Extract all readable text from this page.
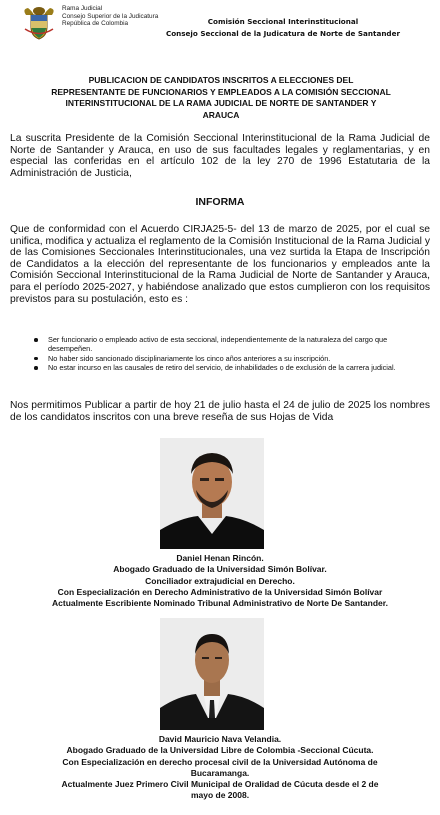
Rama Judicial
Consejo Superior de la Judicatura
República de Colombia	Comisión Seccional Interinstitucional
Consejo Seccional de la Judicatura de Norte de Santander
PUBLICACION DE CANDIDATOS INSCRITOS A ELECCIONES DEL
REPRESENTANTE DE FUNCIONARIOS Y EMPLEADOS A LA COMISIÓN SECCIONAL
INTERINSTITUCIONAL DE LA RAMA JUDICIAL DE NORTE DE SANTANDER Y
ARAUCA
La suscrita Presidente de la Comisión Seccional Interinstitucional de la Rama Judicial de Norte de Santander y Arauca, en uso de sus facultades legales y reglamentarias, y en especial las conferidas en el artículo 102 de la ley 270 de 1996 Estatutaria de la Administración de Justicia,
INFORMA
Que de conformidad con el Acuerdo CIRJA25-5- del 13 de marzo de 2025, por el cual se unifica, modifica y actualiza el reglamento de la Comisión Institucional de la Rama Judicial y de las Comisiones Seccionales Interinstitucionales, una vez surtida la Etapa de Inscripción de Candidatos a la elección del representante de los funcionarios y empleados ante la Comisión Seccional Interinstitucional de la Rama Judicial de Norte de Santander y Arauca, para el período 2025-2027, y habiéndose analizado que estos cumplieron con los requisitos previstos para su postulación, esto es :
Ser funcionario o empleado activo de esta seccional, independientemente de la naturaleza del cargo que desempeñen.
No haber sido sancionado disciplinariamente los cinco años anteriores a su inscripción.
No estar incurso en las causales de retiro del servicio, de inhabilidades o de exclusión de la carrera judicial.
Nos permitimos Publicar a partir de hoy 21 de julio hasta el 24 de julio de 2025 los nombres de los candidatos inscritos con una breve reseña de sus Hojas de Vida
Daniel Henan Rincón.
Abogado Graduado de la Universidad Simón Bolívar.
Conciliador extrajudicial en Derecho.
Con Especialización en Derecho Administrativo de la Universidad Simón Bolívar
Actualmente Escribiente Nominado Tribunal Administrativo de Norte De Santander.
David Mauricio Nava Velandia.
Abogado Graduado de la Universidad Libre de Colombia -Seccional Cúcuta.
Con Especialización en derecho procesal civil de la Universidad Autónoma de
Bucaramanga.
Actualmente Juez Primero Civil Municipal de Oralidad de Cúcuta desde el 2 de
mayo de 2008.
